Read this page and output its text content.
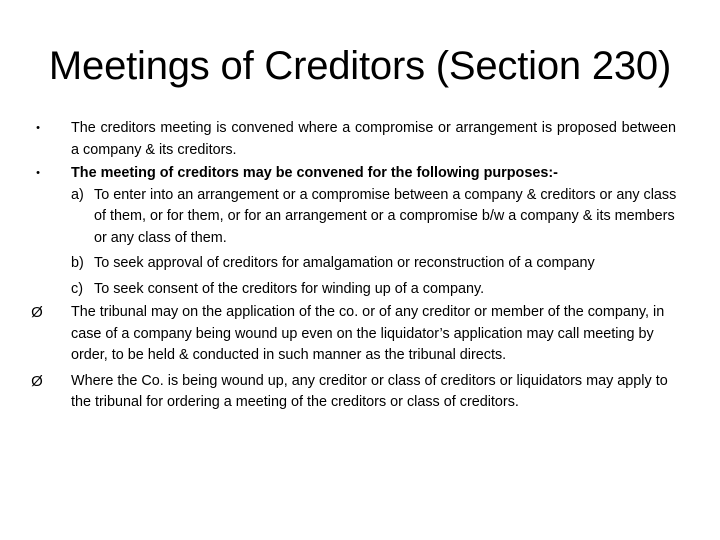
Meetings of Creditors (Section 230)
•	The creditors meeting is convened where a compromise or arrangement is proposed between a company & its creditors.
•	The meeting of creditors may be convened for the following purposes:-
a) To enter into an arrangement or a compromise between a company & creditors or any class of them, or for them, or for an arrangement or a compromise b/w a company & its members or any class of them.
b) To seek approval of creditors for amalgamation or reconstruction of a company
c) To seek consent of the creditors for winding up of a company.
Ø	The tribunal may on the application of the co. or of any creditor or member of the company, in case of a company being wound up even on the liquidator’s application may call meeting by order, to be held & conducted in such manner as the tribunal directs.
Ø	Where the Co. is being wound up, any creditor or class of creditors or liquidators may apply to the tribunal for ordering a meeting of the creditors or class of creditors.
